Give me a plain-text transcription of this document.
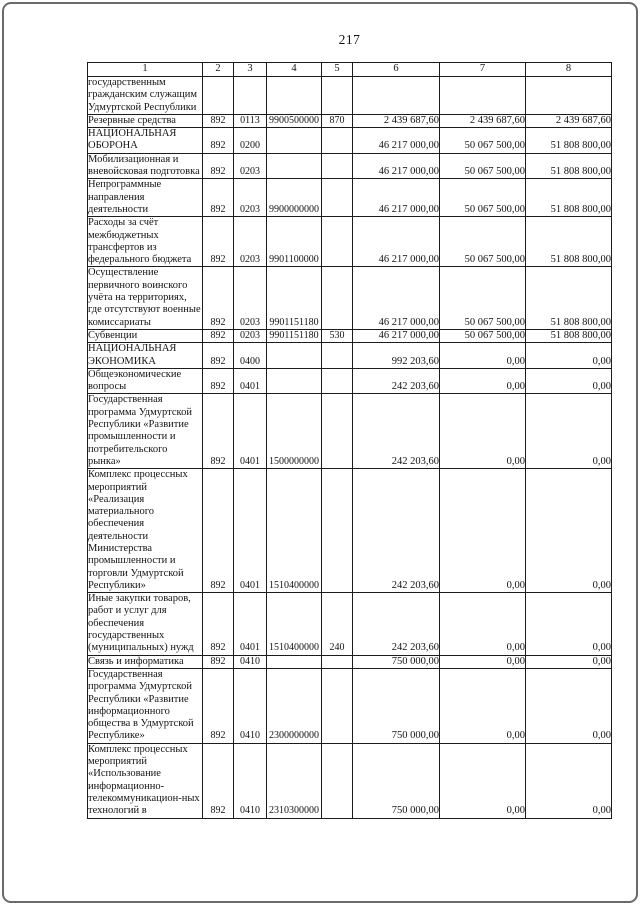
217
1	2	3	4	5	6	7	8
государственным гражданским служащим Удмуртской Республики							
Резервные средства	892	0113	9900500000	870	2 439 687,60	2 439 687,60	2 439 687,60
НАЦИОНАЛЬНАЯ ОБОРОНА	892	0200			46 217 000,00	50 067 500,00	51 808 800,00
Мобилизационная и вневойсковая подготовка	892	0203			46 217 000,00	50 067 500,00	51 808 800,00
Непрограммные направления деятельности	892	0203	9900000000		46 217 000,00	50 067 500,00	51 808 800,00
Расходы за счёт межбюджетных трансфертов из федерального бюджета	892	0203	9901100000		46 217 000,00	50 067 500,00	51 808 800,00
Осуществление первичного воинского учёта на территориях, где отсутствуют военные комиссариаты	892	0203	9901151180		46 217 000,00	50 067 500,00	51 808 800,00
Субвенции	892	0203	9901151180	530	46 217 000,00	50 067 500,00	51 808 800,00
НАЦИОНАЛЬНАЯ ЭКОНОМИКА	892	0400			992 203,60	0,00	0,00
Общеэкономические вопросы	892	0401			242 203,60	0,00	0,00
Государственная программа Удмуртской Республики «Развитие промышленности и потребительского рынка»	892	0401	1500000000		242 203,60	0,00	0,00
Комплекс процессных мероприятий «Реализация материального обеспечения деятельности Министерства промышленности и торговли Удмуртской Республики»	892	0401	1510400000		242 203,60	0,00	0,00
Иные закупки товаров, работ и услуг для обеспечения государственных (муниципальных) нужд	892	0401	1510400000	240	242 203,60	0,00	0,00
Связь и информатика	892	0410			750 000,00	0,00	0,00
Государственная программа Удмуртской Республики «Развитие информационного общества в Удмуртской Республике»	892	0410	2300000000		750 000,00	0,00	0,00
Комплекс процессных мероприятий «Использование информационно-телекоммуникацион-ных технологий в	892	0410	2310300000		750 000,00	0,00	0,00
